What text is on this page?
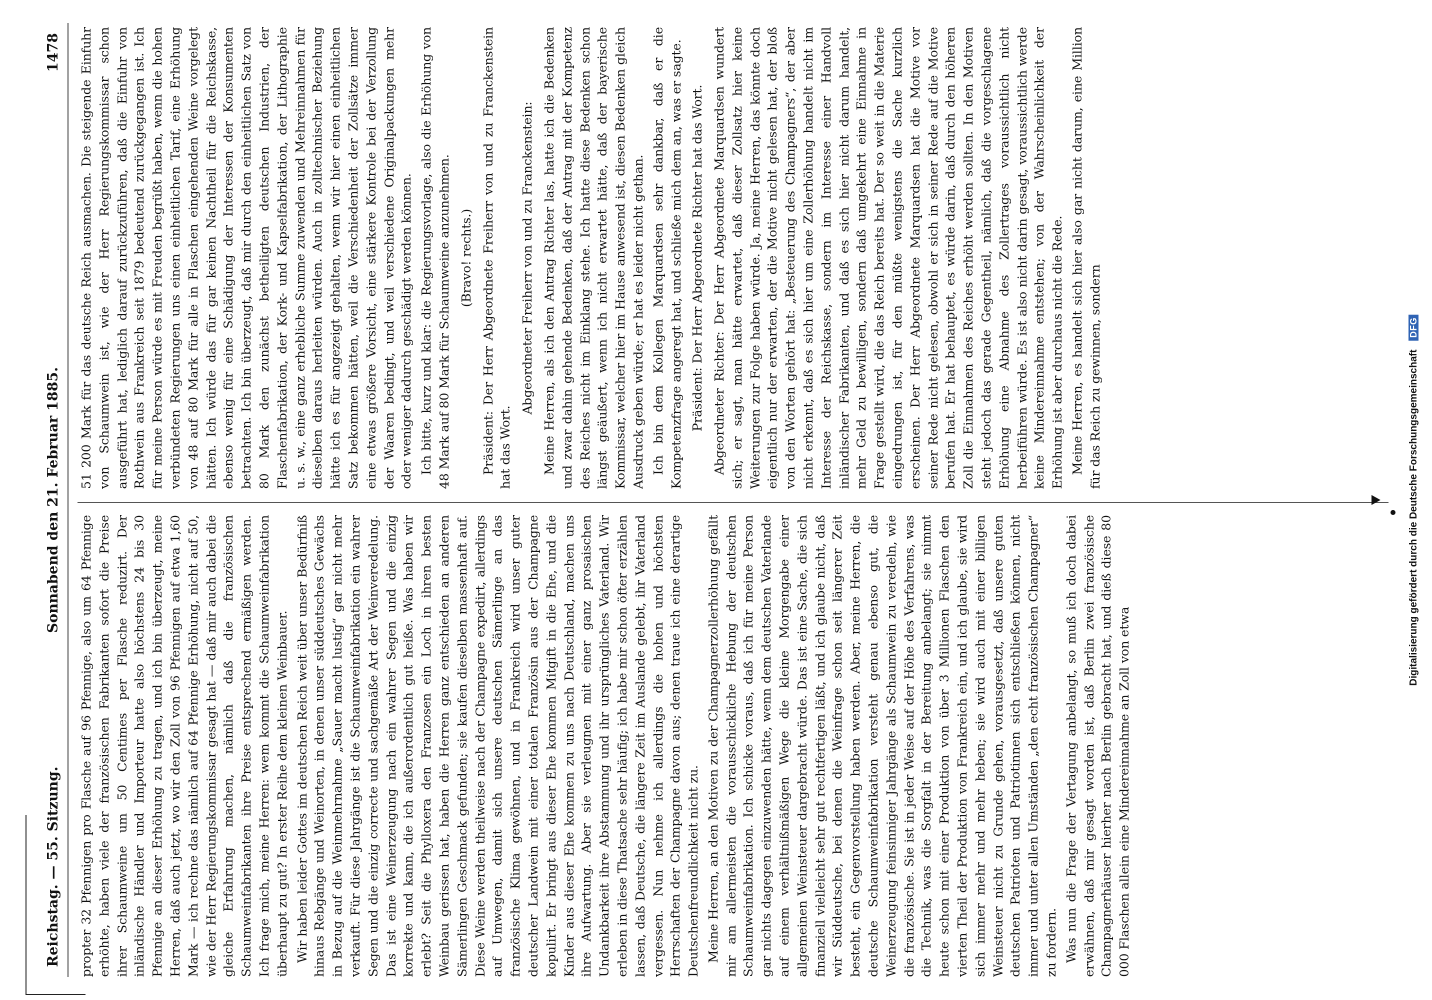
Reichstag. — 55. Sitzung.
Sonnabend den 21. Februar 1885.
1478

propter 32 Pfennigen pro Flasche auf 96 Pfennige, also um 64 Pfennige erhöhte, haben viele der französischen Fabrikanten sofort die Preise ihrer Schaumweine um 50 Centimes per Flasche reduzirt. Der inländische Händler und Importeur hatte also höchstens 24 bis 30 Pfennige an dieser Erhöhung zu tragen, und ich bin überzeugt, meine Herren, daß auch jetzt, wo wir den Zoll von 96 Pfennigen auf etwa 1,60 Mark — ich rechne das nämlich auf 64 Pfennige Erhöhung, nicht auf 50, wie der Herr Regierungskommissar gesagt hat — daß mir auch dabei die gleiche Erfahrung machen, nämlich daß die französischen Schaumweinfabrikanten ihre Preise entsprechend ermäßigen werden. Ich frage mich, meine Herren: wem kommt die Schaumweinfabrikation überhaupt zu gut? In erster Reihe dem kleinen Weinbauer. Wir haben leider Gottes im deutschen Reich weit über unser Bedürfniß hinaus Rebgänge und Weinorten, in denen unser süddeutsches Gewächs in Bezug auf die Weinmehrnahme „Sauer macht lustig“ gar nicht mehr verkauft. Für diese Jahrgänge ist die Schaumweinfabrikation ein wahrer Segen und die einzig correcte und sachgemäße Art der Weinveredelung. Das ist eine Weinerzeugung nach ein wahrer Segen und die einzig korrekte und kann, die ich außerordentlich gut heiße. Was haben wir erlebt? Seit die Phylloxera den Franzosen ein Loch in ihren besten Weinbau gerissen hat, haben die Herren ganz entschieden an anderen Sämerlingen Geschmack gefunden; sie kaufen dieselben massenhaft auf. Diese Weine werden theilweise nach der Champagne expedirt, allerdings auf Umwegen, damit sich unsere deutschen Sämerlinge an das französische Klima gewöhnen, und in Frankreich wird unser guter deutscher Landwein mit einer totalen Französin aus der Champagne kopulirt. Er bringt aus dieser Ehe kommen Mitgift in die Ehe, und die Kinder aus dieser Ehe kommen zu uns nach Deutschland, machen uns ihre Aufwartung. Aber sie verleugnen mit einer ganz prosaischen Undankbarkeit ihre Abstammung und ihr ursprüngliches Vaterland. Wir erleben in diese Thatsache sehr häufig; ich habe mir schon öfter erzählen lassen, daß Deutsche, die längere Zeit im Auslande gelebt, ihr Vaterland vergessen. Nun nehme ich allerdings die hohen und höchsten Herrschaften der Champagne davon aus; denen traue ich eine derartige Deutschenfreundlichkeit nicht zu. Meine Herren, an den Motiven zu der Champagnerzollerhöhung gefällt mir am allermeisten die vorausschickliche Hebung der deutschen Schaumweinfabrikation. Ich schicke voraus, daß ich für meine Person gar nichts dagegen einzuwenden hätte, wenn dem deutschen Vaterlande auf einem verhältnißmäßigen Wege die kleine Morgengabe einer allgemeinen Weinsteuer dargebracht würde. Das ist eine Sache, die sich finanziell vielleicht sehr gut rechtfertigen läßt, und ich glaube nicht, daß wir Süddeutsche, bei denen die Weinfrage schon seit längerer Zeit besteht, ein Gegenvorstellung haben werden. Aber, meine Herren, die deutsche Schaumweinfabrikation versteht genau ebenso gut, die Weinerzeugung feinsinniger Jahrgänge als Schaumwein zu veredeln, wie die französische. Sie ist in jeder Weise auf der Höhe des Verfahrens, was die Technik, was die Sorgfalt in der Bereitung anbelangt; sie nimmt heute schon mit einer Produktion von über 3 Millionen Flaschen den vierten Theil der Produktion von Frankreich ein, und ich glaube, sie wird sich immer mehr und mehr heben; sie wird auch mit einer billigen Weinsteuer nicht zu Grunde gehen, vorausgesetzt, daß unsere guten deutschen Patrioten und Patriotinnen sich entschließen können, nicht immer und unter allen Umständen „den echt französischen Champagner“ zu fordern. Was nun die Frage der Vertagung anbelangt, so muß ich doch dabei erwähnen, daß mir gesagt worden ist, daß Berlin zwei französische Champagnerhäuser hierher nach Berlin gebracht hat, und dieß diese 80 000 Flaschen allein eine Mindereinnahme an Zoll von etwa

51 200 Mark für das deutsche Reich ausmachen. Die steigende Einfuhr von Schaumwein ist, wie der Herr Regierungskommissar schon ausgeführt hat, lediglich darauf zurückzuführen, daß die Einfuhr von Rothwein aus Frankreich seit 1879 bedeutend zurückgegangen ist. Ich für meine Person würde es mit Freuden begrüßt haben, wenn die hohen verbündeten Regierungen uns einen einheitlichen Tarif, eine Erhöhung von 48 auf 80 Mark für alle in Flaschen eingehenden Weine vorgelegt hätten. Ich würde das für gar keinen Nachtheil für die Reichskasse, ebenso wenig für eine Schädigung der Interessen der Konsumenten betrachten. Ich bin überzeugt, daß mir durch den einheitlichen Satz von 80 Mark den zunächst betheiligten deutschen Industrien, der Flaschenfabrikation, der Kork- und Kapselfabrikation, der Lithographie u. s. w., eine ganz erhebliche Summe zuwenden und Mehreinnahmen für dieselben daraus herleiten würden. Auch in zolltechnischer Beziehung hätte ich es für angezeigt gehalten, wenn wir hier einen einheitlichen Satz bekommen hätten, weil die Verschiedenheit der Zollsätze immer eine etwas größere Vorsicht, eine stärkere Kontrole bei der Verzollung der Waaren bedingt, und weil verschiedene Originalpackungen mehr oder weniger dadurch geschädigt werden können. Ich bitte, kurz und klar: die Regierungsvorlage, also die Erhöhung von 48 Mark auf 80 Mark für Schaumweine anzunehmen. (Bravo! rechts.) Präsident: Der Herr Abgeordnete Freiherr von und zu Franckenstein hat das Wort.

Abgeordneter Freiherr von und zu Franckenstein: Meine Herren, als ich den Antrag Richter las, hatte ich die Bedenken und zwar dahin gehende Bedenken, daß der Antrag mit der Kompetenz des Reiches nicht im Einklang stehe. Ich hatte diese Bedenken schon längst geäußert, wenn ich nicht erwartet hätte, daß der bayerische Kommissar, welcher hier im Hause anwesend ist, diesen Bedenken gleich Ausdruck geben würde; er hat es leider nicht gethan. Ich bin dem Kollegen Marquardsen sehr dankbar, daß er die Kompetenzfrage angeregt hat, und schließe mich dem an, was er sagte. Präsident: Der Herr Abgeordnete Richter hat das Wort. Abgeordneter Richter: Der Herr Abgeordnete Marquardsen wundert sich; er sagt, man hätte erwartet, daß dieser Zollsatz hier keine Weiterungen zur Folge haben würde. Ja, meine Herren, das könnte doch eigentlich nur der erwarten, der die Motive nicht gelesen hat, der bloß von den Worten gehört hat: „Besteuerung des Champagners“, der aber nicht erkennt, daß es sich hier um eine Zollerhöhung handelt nicht im Interesse der Reichskasse, sondern im Interesse einer Handvoll inländischer Fabrikanten, und daß es sich hier nicht darum handelt, mehr Geld zu bewilligen, sondern daß umgekehrt eine Einnahme in Frage gestellt wird, die das Reich bereits hat. Der so weit in die Materie eingedrungen ist, für den müßte wenigstens die Sache kurzlich erscheinen. Der Herr Abgeordnete Marquardsen hat die Motive vor seiner Rede nicht gelesen, obwohl er sich in seiner Rede auf die Motive berufen hat. Er hat behauptet, es würde darin, daß durch den höheren Zoll die Einnahmen des Reiches erhöht werden sollten. In den Motiven steht jedoch das gerade Gegentheil, nämlich, daß die vorgeschlagene Erhöhung eine Abnahme des Zollertrages voraussichtlich nicht herbeiführen würde. Es ist also nicht darin gesagt, voraussichtlich werde keine Mindereinnahme entstehen; von der Wahrscheinlichkeit der Erhöhung ist aber durchaus nicht die Rede. Meine Herren, es handelt sich hier also gar nicht darum, eine Million für das Reich zu gewinnen, sondern	Digitalisierung gefördert durch die Deutsche Forschungsgemeinschaft DFG
